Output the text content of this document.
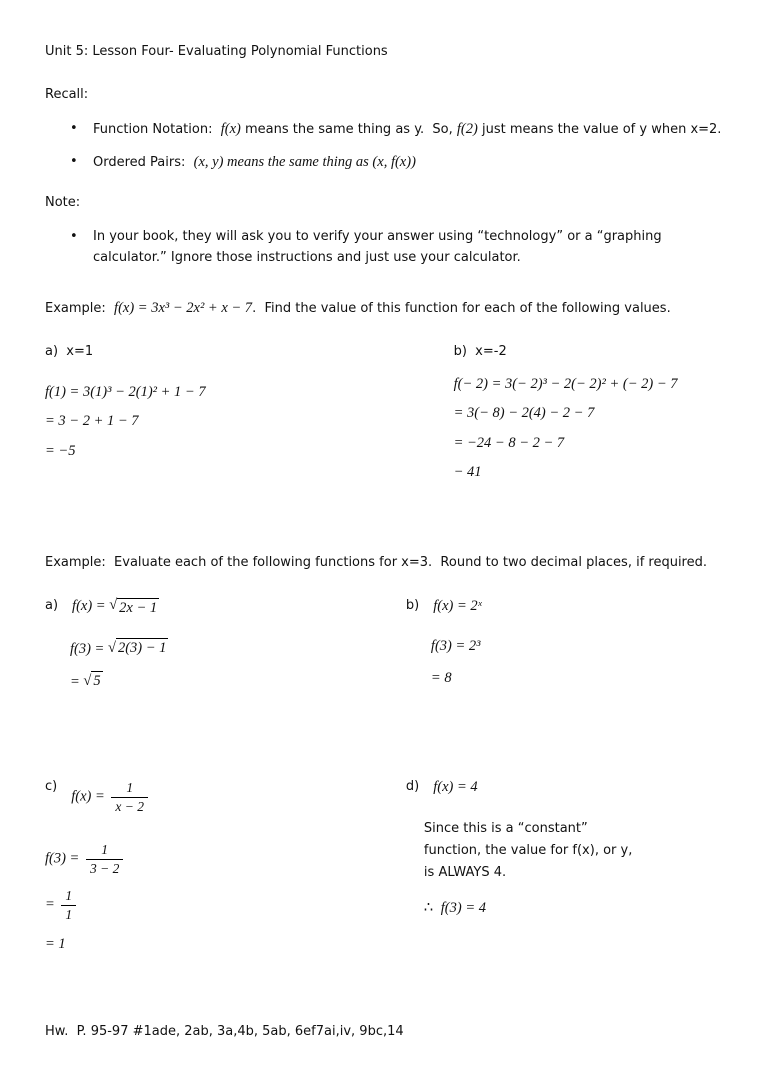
Unit 5: Lesson Four- Evaluating Polynomial Functions
Recall:
• Function Notation:  f(x) means the same thing as y.  So, f(2) just means the value of y when x=2.
• Ordered Pairs:  (x, y) means the same thing as (x, f(x))
Note:
• In your book, they will ask you to verify your answer using “technology” or a “graphing calculator.” Ignore those instructions and just use your calculator.

Example:  f(x) = 3x³ − 2x² + x − 7.  Find the value of this function for each of the following values.

a)  x=1
f(1) = 3(1)³ − 2(1)² + 1 − 7
= 3 − 2 + 1 − 7
= −5
b)  x=-2
f(− 2) = 3(− 2)³ − 2(− 2)² + (− 2) − 7
= 3(− 8) − 2(4) − 2 − 7
= −24 − 8 − 2 − 7
− 41

Example:  Evaluate each of the following functions for x=3.  Round to two decimal places, if required.

a) f(x) = √ 2x − 1
f(3) = √ 2(3) − 1
= √ 5
b) f(x) = 2ˣ
f(3) = 2³
= 8
c)
$f(x) = \frac{1}{x - 2}$
$f(3) = \frac{1}{3 - 2}$
= $\frac{1}{1}$
= 1
d) f(x) = 4
Since this is a “constant” function, the value for f(x), or y, is ALWAYS 4.
∴ f(3) = 4
Hw.  P. 95-97 #1ade, 2ab, 3a,4b, 5ab, 6ef7ai,iv, 9bc,14
